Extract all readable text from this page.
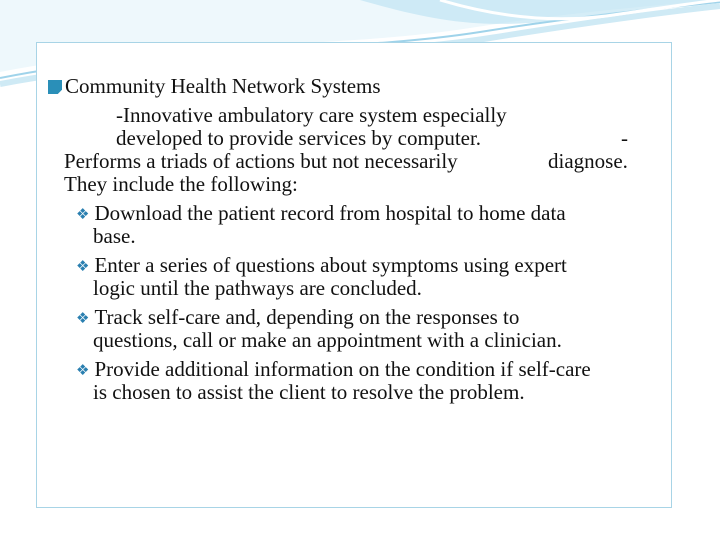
Community Health Network Systems
-Innovative ambulatory care system especially
developed to provide services by computer.	-
Performs a triads of actions but not necessarily	diagnose.
They include the following:
❖ Download the patient record from hospital to home data
base.
❖ Enter a series of questions about symptoms using expert
logic until the pathways are concluded.
❖ Track self-care and, depending on the responses to
questions, call or make an appointment with a clinician.
❖ Provide additional information on the condition if self-care
is chosen to assist the client to resolve the problem.
